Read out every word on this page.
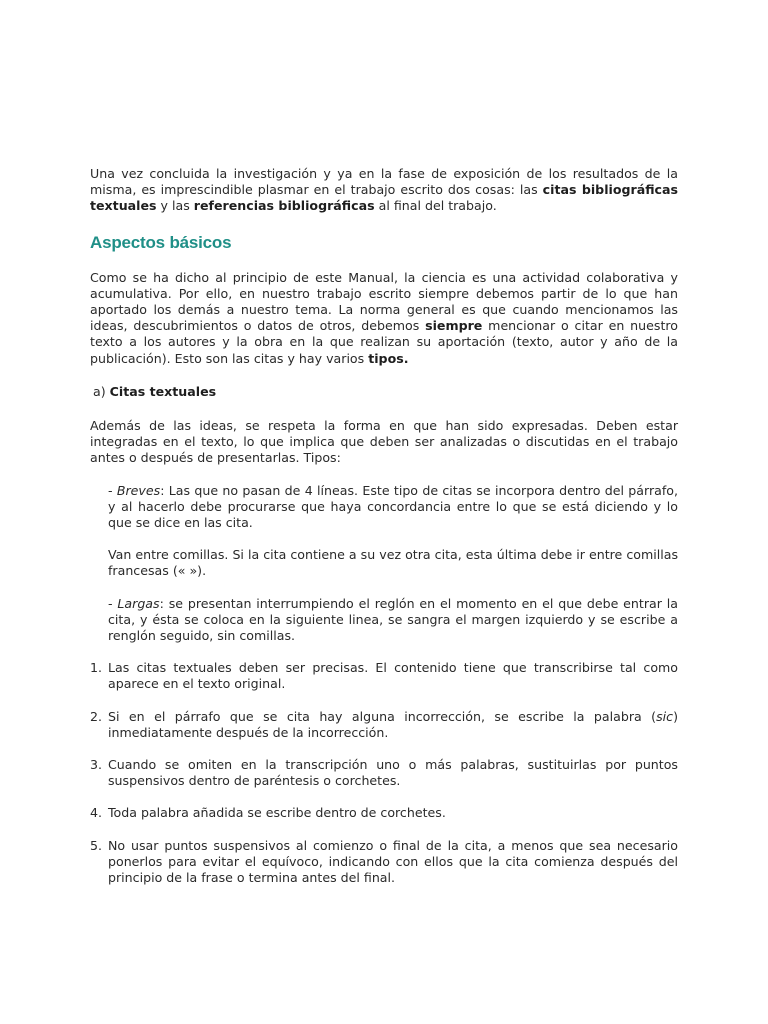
Una vez concluida la investigación y ya en la fase de exposición de los resultados de la misma, es imprescindible plasmar en el trabajo escrito dos cosas: las citas bibliográficas textuales y las referencias bibliográficas al final del trabajo.

Aspectos básicos

Como se ha dicho al principio de este Manual, la ciencia es una actividad colaborativa y acumulativa. Por ello, en nuestro trabajo escrito siempre debemos partir de lo que han aportado los demás a nuestro tema. La norma general es que cuando mencionamos las ideas, descubrimientos o datos de otros, debemos siempre mencionar o citar en nuestro texto a los autores y la obra en la que realizan su aportación (texto, autor y año de la publicación). Esto son las citas y hay varios tipos.

a) Citas textuales

Además de las ideas, se respeta la forma en que han sido expresadas. Deben estar integradas en el texto, lo que implica que deben ser analizadas o discutidas en el trabajo antes o después de presentarlas. Tipos:

- Breves: Las que no pasan de 4 líneas. Este tipo de citas se incorpora dentro del párrafo, y al hacerlo debe procurarse que haya concordancia entre lo que se está diciendo y lo que se dice en las cita.

Van entre comillas. Si la cita contiene a su vez otra cita, esta última debe ir entre comillas francesas (« »).

- Largas: se presentan interrumpiendo el reglón en el momento en el que debe entrar la cita, y ésta se coloca en la siguiente linea, se sangra el margen izquierdo y se escribe a renglón seguido, sin comillas.

1. Las citas textuales deben ser precisas. El contenido tiene que transcribirse tal como aparece en el texto original.
2. Si en el párrafo que se cita hay alguna incorrección, se escribe la palabra (sic) inmediatamente después de la incorrección.
3. Cuando se omiten en la transcripción uno o más palabras, sustituirlas por puntos suspensivos dentro de paréntesis o corchetes.
4. Toda palabra añadida se escribe dentro de corchetes.
5. No usar puntos suspensivos al comienzo o final de la cita, a menos que sea necesario ponerlos para evitar el equívoco, indicando con ellos que la cita comienza después del principio de la frase o termina antes del final.
